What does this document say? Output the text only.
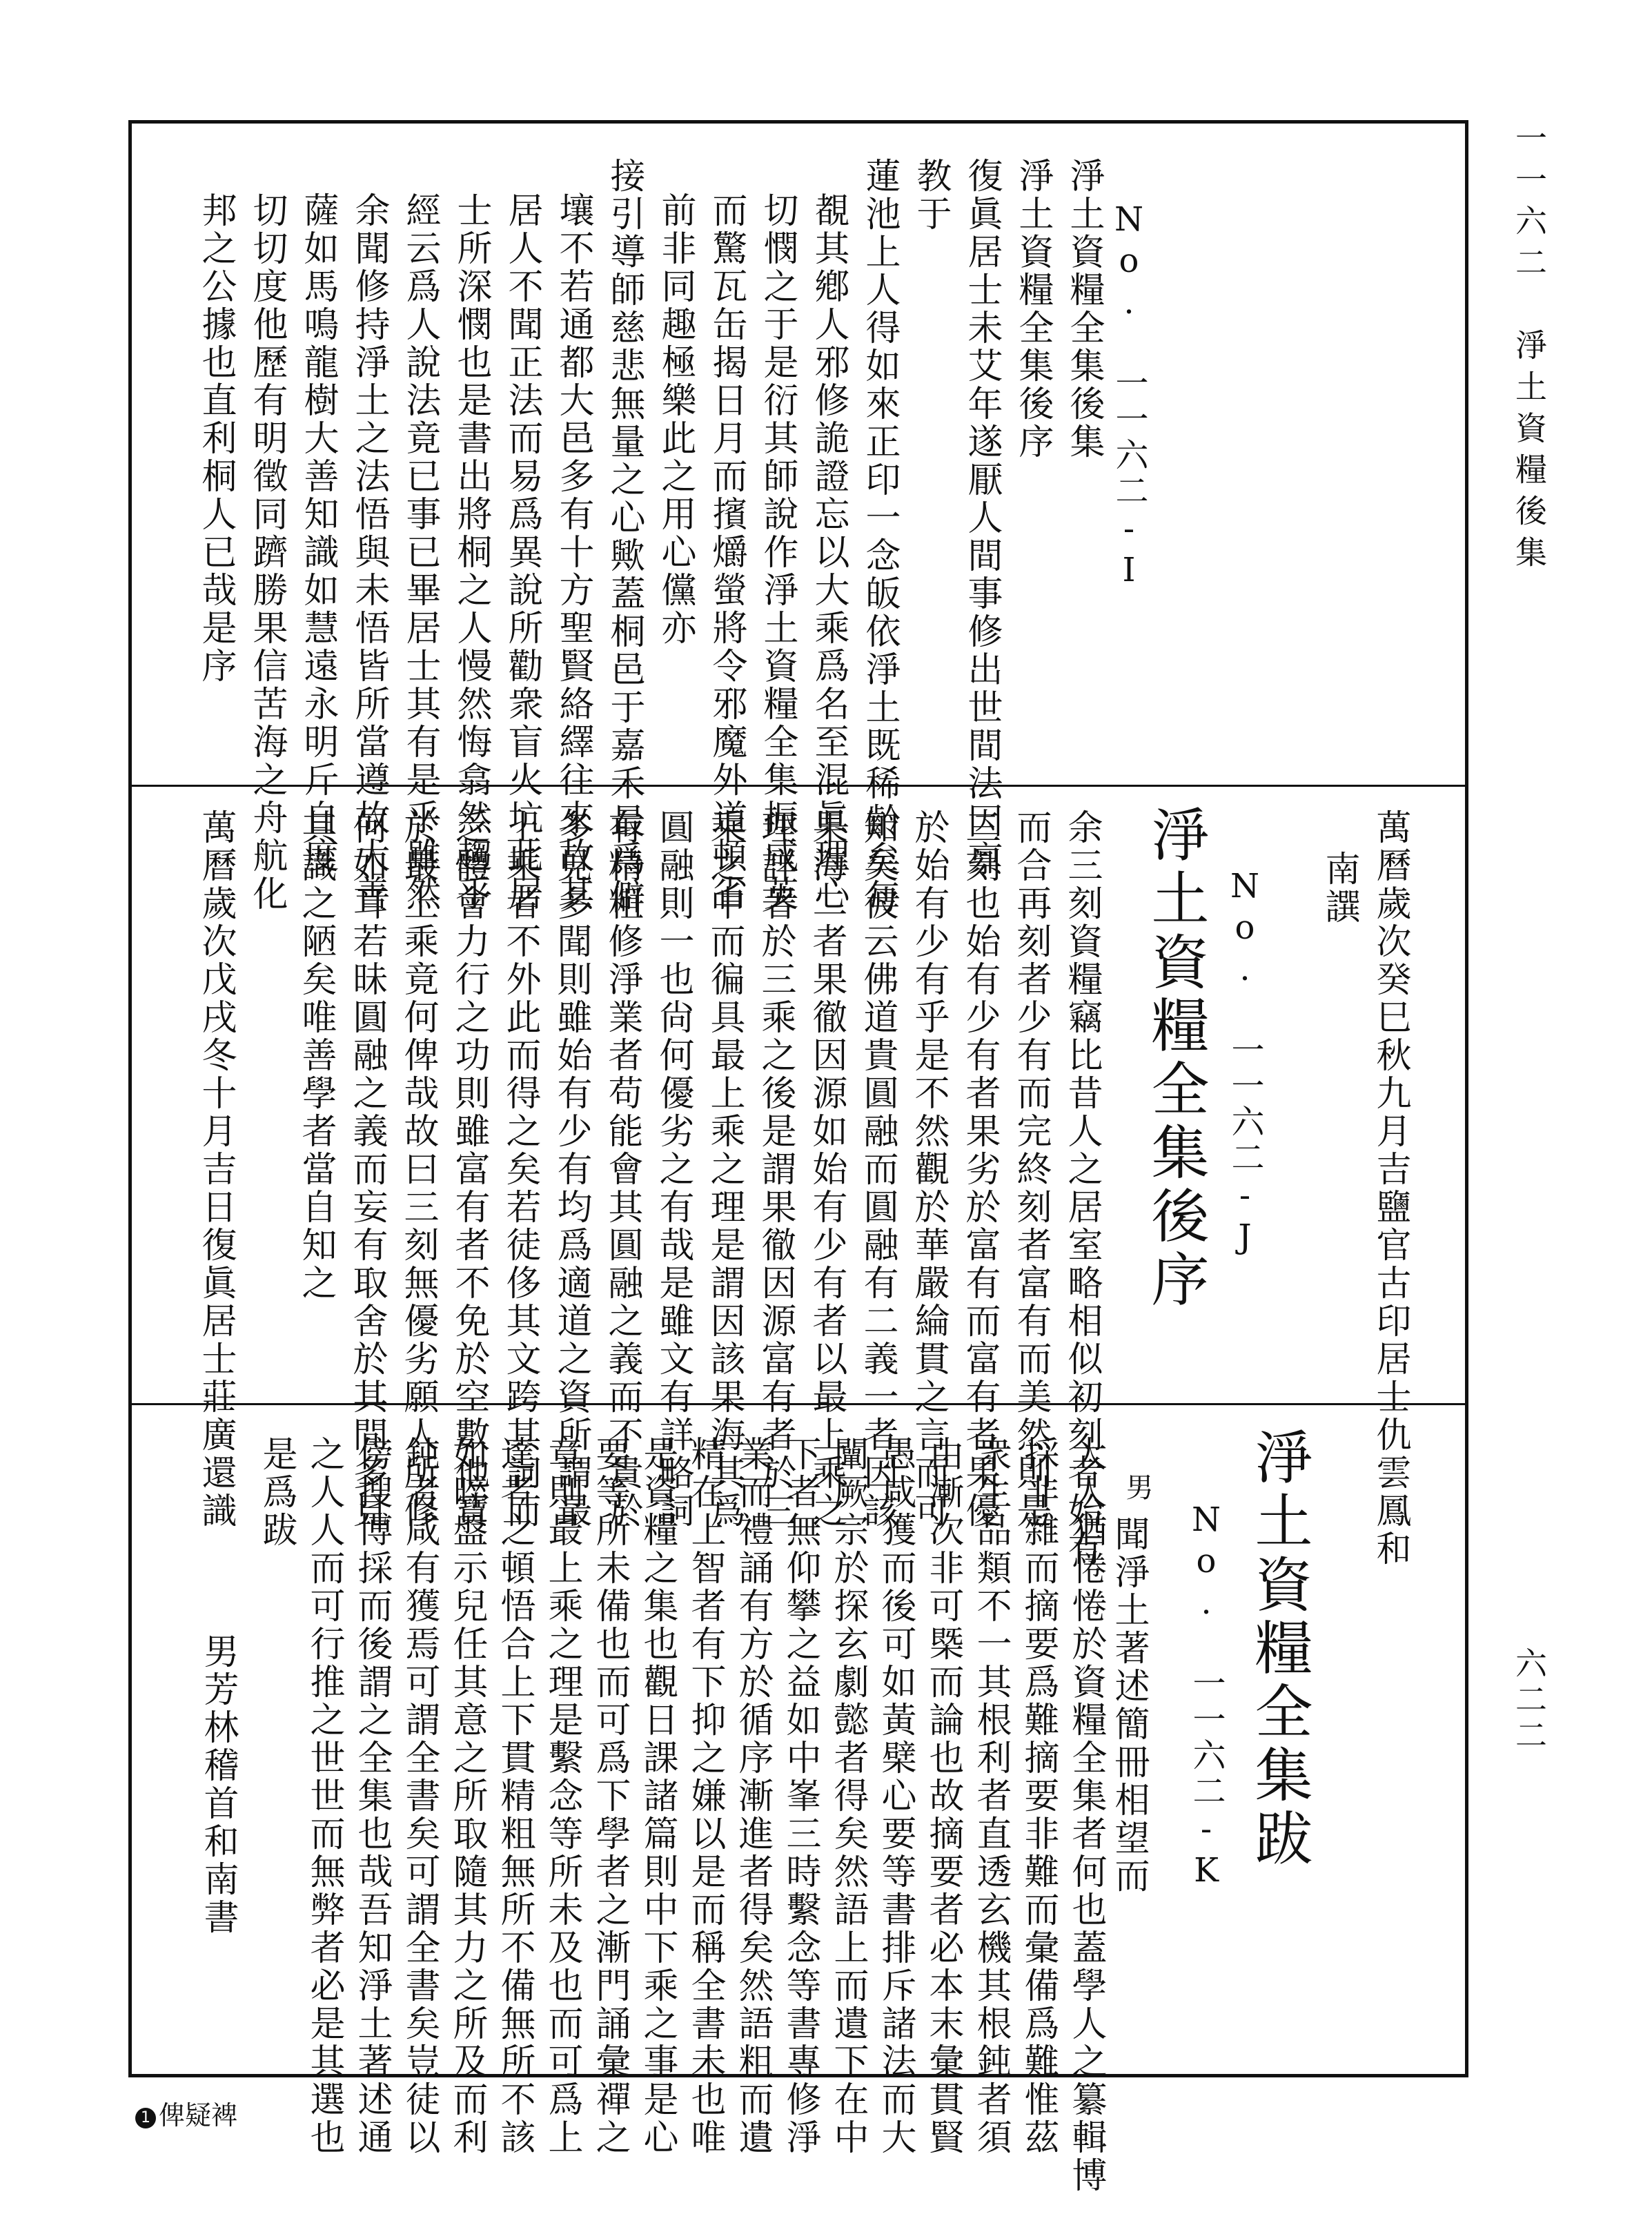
一一六二　淨土資糧後集
六二二
No. 一一六二‐I
淨土資糧全集後集
淨土資糧全集後序
復眞居士未艾年遂厭人間事修出世間法因禀
教于
蓮池上人得如來正印一念皈依淨土既稀齡矣每
覩其鄕人邪修詭證忘以大乘爲名至混眞理心
切憫之于是衍其師說作淨土資糧全集振咸英
而驚瓦缶揭日月而擯爝螢將令邪魔外道頓省
前非同趣極樂此之用心儻亦
接引導師慈悲無量之心歟蓋桐邑于嘉禾最爲僻
壤不若通都大邑多有十方聖賢絡繹往來故其
居人不聞正法而易爲異說所勸衆盲火坑此居
士所深憫也是書出將桐之人慢然悔翕然趨乎
經云爲人說法竟已事已畢居士其有是乎雖然
余聞修持淨土之法悟與未悟皆所當遵故大善
薩如馬鳴龍樹大善知識如慧遠永明斤自度
切切度他歷有明徵同躋勝果信苦海之舟航化
邦之公據也直利桐人已哉是序
萬曆歲次癸巳秋九月吉鹽官古印居士仇雲鳳和
南譔
No. 一一六二‐J
淨土資糧全集後序
余三刻資糧竊比昔人之居室略相似初刻者始有
而合再刻者少有而完終刻者富有而美然則是
三刻也始有少有者果劣於富有而富有者果優
於始有少有乎是不然觀於華嚴綸貫之言而可
知矣彼云佛道貴圓融而圓融有二義一者因該
果海二者果徹因源如始有少有者以最上乘之
理詳著於三乘之後是謂果徹因源富有者於三
乘之中而徧具最上乘之理是謂因該果海其爲
圓融則一也尙何優劣之有哉是雖文有詳略詞
有精粗修淨業者苟能會其圓融之義而不貴於
多見多聞則雖始有少有均爲適道之資所謂最
上乘者不外此而得之矣若徒侈其文跨其詞而
乏體會力行之功則雖富有者不免於空數他寶
於最上乘竟何俾哉故曰三刻無優劣願人所修
何如耳若昧圓融之義而妄有取舍於其間多見
其識之陋矣唯善學者當自知之
萬曆歲次戊戌冬十月吉日復眞居士莊廣還識
淨土資糧全集跋
No. 一一六二‐K
男
聞淨土著述簡冊相望而
大人猶惓惓於資糧全集者何也蓋學人之纂輯博
採非雜而摘要爲難摘要非難而彙備爲難惟茲
衆生品類不一其根利者直透玄機其根鈍者須
由漸次非可槩而論也故摘要者必本末彙貫賢
愚咸獲而後可如黃檗心要等書排斥諸法而大
闡厥宗於探玄劇懿者得矣然語上而遺下在中
下者無仰攀之益如中峯三時繫念等書專修淨
業而禮誦有方於循序漸進者得矣然語粗而遺
精在上智者有下抑之嫌以是而稱全書未也唯
是資糧之集也觀日課諸篇則中下乘之事是心
要等所未備也而可爲下學者之漸門誦彙禪之
章則最上乘之理是繫念等所未及也而可爲上
達者之頓悟合上下貫精粗無所不備無所不該
如晬盤示兒任其意之所取隨其力之所及而利
鈍者咸有獲焉可謂全書矣可謂全書矣豈徒以
傍搜博採而後謂之全集也哉吾知淨土著述通
之人人而可行推之世世而無弊者必是其選也
是爲跋
男芳林稽首和南書
1 俾疑裨
